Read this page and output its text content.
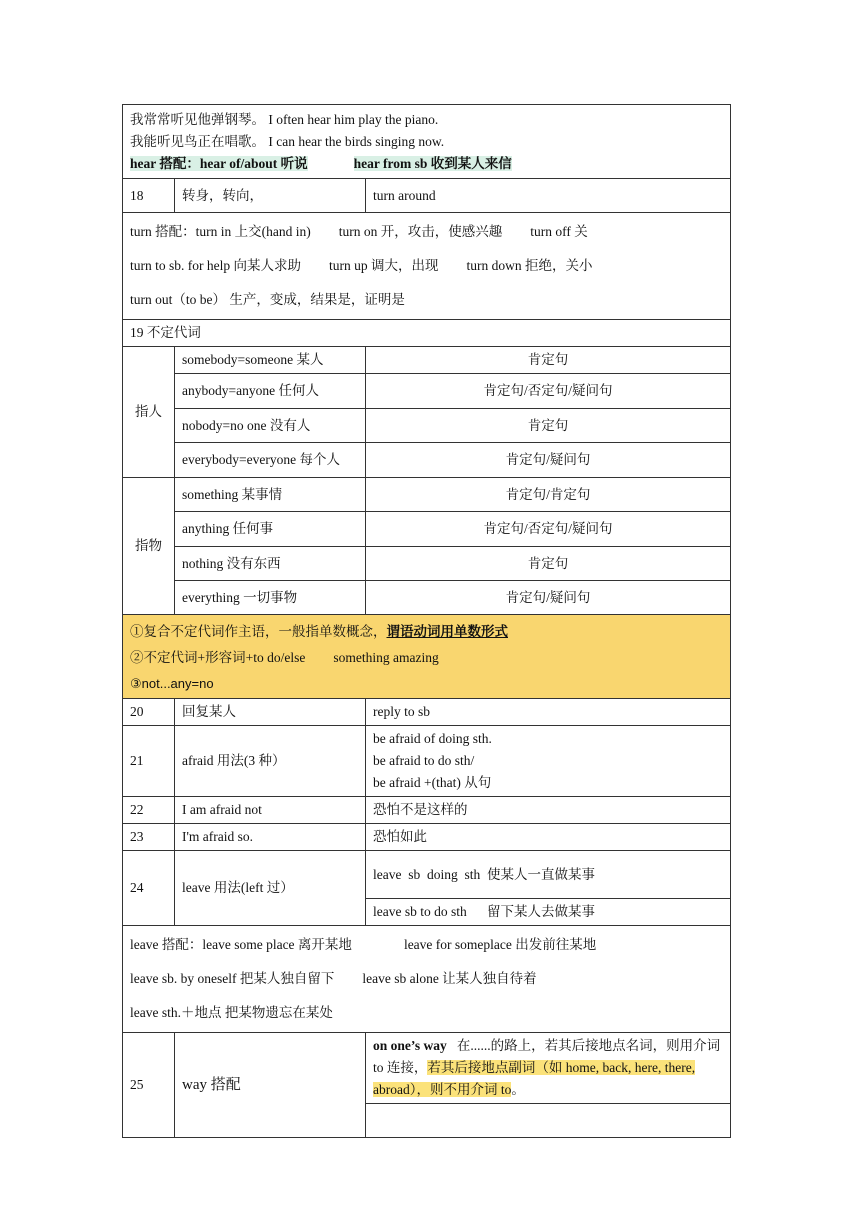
我常常听见他弹钢琴。 I often hear him play the piano.
我能听见鸟正在唱歌。 I can hear the birds singing now.
hear 搭配：hear of/about 听说 hear from sb 收到某人来信		

18	转身，转向，	turn around

turn 搭配：turn in 上交(hand in) turn on 开，攻击，使感兴趣 turn off 关
turn to sb. for help 向某人求助 turn up 调大，出现 turn down 拒绝，关小
turn out（to be） 生产，变成，结果是，证明是		

19 不定代词		
指人	somebody=someone 某人	肯定句
	anybody=anyone 任何人	肯定句/否定句/疑问句
	nobody=no one 没有人	肯定句
	everybody=everyone 每个人	肯定句/疑问句
指物	something 某事情	肯定句/肯定句
	anything 任何事	肯定句/否定句/疑问句
	nothing 没有东西	肯定句
	everything 一切事物	肯定句/疑问句

①复合不定代词作主语，一般指单数概念，谓语动词用单数形式
②不定代词+形容词+to do/else something amazing
③not...any=no		

20	回复某人	reply to sb
21	afraid 用法(3 种）	be afraid of doing sth.
be afraid to do sth/
be afraid +(that) 从句

22	I am afraid not	恐怕不是这样的
23	I'm afraid so.	恐怕如此
24	leave 用法(left 过）	leave  sb  doing  sth  使某人一直做某事
		leave sb to do sth      留下某人去做某事

leave 搭配：leave some place 离开某地 leave for someplace 出发前往某地
leave sb. by oneself 把某人独自留下 leave sb alone 让某人独自待着
leave sth.＋地点 把某物遗忘在某处		

25	way 搭配	on one’s way   在......的路上，若其后接地点名词，则用介词 to 连接，若其后接地点副词（如 home, back, here, there, abroad），则不用介词 to。
